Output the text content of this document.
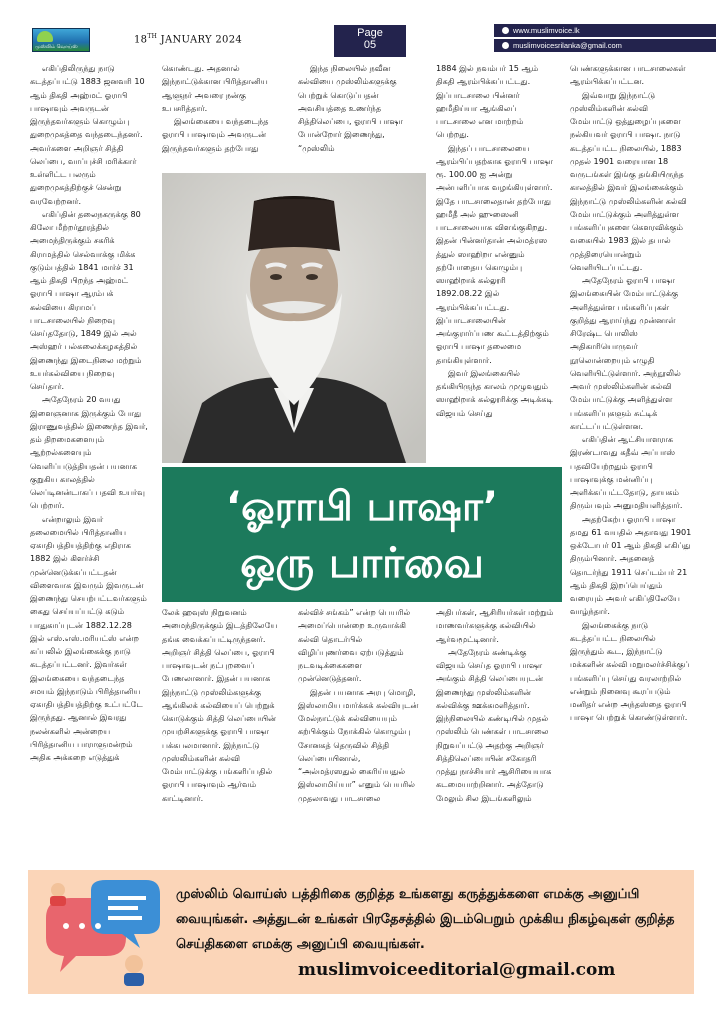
முஸ்லிம் வொய்ஸ்
18TH JANUARY 2024
Page
05
www.muslimvoice.lk
muslimvoicesrilanka@gmail.com

எகிப்திலிருந்து நாடு கடத்தப்பட்டு 1883 ஜனவரி 10 ஆம் திகதி அஹ்மட் ஓராபி பாஷாவும் அவருடன் இருந்தவர்களும் கொழும்பு துறைமுகத்தை வந்தடைந்தனர். அவர்களை அறிஞர் சித்தி லெப்பை, வாப்புச்சி மரிக்கார் உள்ளிட்ட பலரும் துறைமுகத்திற்குச் சென்று வரவேற்றனர்.

எகிப்தின் தலைநகருக்கு 80 கிலோ மீற்றர்தூரத்தில் அமைந்திருக்கும் சகரிக் கிராமத்தில் செல்வாக்கு மிக்க குடும்பத்தில் 1841 மார்ச் 31 ஆம் திகதி பிறந்த அஹ்மட் ஓராபி பாஷா ஆரம்பக் கல்வியை கிராமப் பாடசாலையில் நிறைவு செய்ததோடு, 1849 இல் அல் அஸ்ஹர் பல்கலைக்கழகத்தில் இணைந்து இடைநிலை மற்றும் உயர்கல்வியை நிறைவு செய்தார்.

அதேநேரம் 20 வயது இளைஞனாக இருக்கும் போது இராணுவத்தில் இணைந்த இவர், தம் திறமைகளையும் ஆற்றல்களையும் வெளிப்படுத்தியதன் பயனாக குறுகிய காலத்தில் லெப்டினன்டாகப் பதவி உயர்வு பெற்றார்.

என்றாலும் இவர் தலைமையில் பிரித்தானிய ஏகாதிபத்தியத்திற்கு எதிராக 1882 இல் கிளர்ச்சி முன்னெடுக்கப்பட்டதன் விளைவாக இவரும் இவருடன் இணைந்து செயற்பட்டவர்களும் கைது செய்யப்பட்டு கடும் பாதுகாப்புடன் 1882.12.28 இல் எஸ்.எஸ்.மரியட்ஸ் என்ற கப்பலில் இலங்கைக்கு நாடு கடத்தப்பட்டனர். இவர்கள் இலங்கையை வந்தடைந்த சமயம் இந்நாடும் பிரித்தானிய ஏகாதிபத்தியத்திற்கு உட்பட்டே இருந்தது. ஆனால் இவரது நலன்களில் அன்றைய பிரித்தானிய பாராளுமன்றம் அதிக அக்கறை எடுத்துக்

கொண்டது. அதனால் இந்நாட்டுக்கான பிரித்தானிய ஆளுநர் அவரை நன்கு உபசரித்தார்.

இலங்கையை வந்தடைந்த ஓராபி பாஷாவும் அவருடன் இருந்தவர்களும் தற்போது

இந்த நிலையில் நவீன கல்வியை முஸ்லிம்களுக்கு பெற்றுக் கொடுப்பதன் அவசியத்தை உணர்ந்த சித்திலெப்பை, ஓராபி பாஷா போன்றோர் இணைந்து, “முஸ்லிம்

1884 இல் நவம்பர் 15 ஆம் திகதி ஆரம்பிக்கப்பட்டது. இப்பாடசாலை பின்னர் ஹமீதிய்யா ஆங்கிலப் பாடசாலை என மாற்றம் பெற்றது.

இந்தப் பாடசாலையை ஆரம்பிப்பதற்காக ஓராபி பாஷா ரூ. 100.00 ஐ அன்று அன்பளிப்பாக வழங்கியுள்ளார். இதே பாடசாலைதான் தற்போது ஹமீதீ அல் ஹுஸைனி பாடசாலையாக விளங்குகிறது. இதன் பின்னர்தான் அல்மத்ரஸ த்துல் ஸாஹிறா என்னும் தற்போதைய கொழும்பு ஸாஹிறாக் கல்லூரி 1892.08.22 இல் ஆரம்பிக்கப்பட்டது. இப்பாடசாலையின் அங்குரார்ப்பண கூட்டத்திற்கும் ஓராபி பாஷா தலைமை தாங்கியுள்ளார்.

இவர் இலங்கையில் தங்கியிருந்த காலம் முழுவதும் ஸாஹிறாக் கல்லூரிக்கு அடிக்கடி விஜயம் செய்து

பெண்களுக்கான பாடசாலைகள் ஆரம்பிக்கப்பட்டன.

இவ்வாறு இந்நாட்டு முஸ்லிம்களின் கல்வி மேம்பாட்டு ஒத்துழைப்புகளை நல்கியவர் ஓராபி பாஷா. நாடு கடத்தப்பட்ட நிலையில், 1883 முதல் 1901 வரையான 18 வருடங்கள் இங்கு தங்கியிருந்த காலத்தில் இவர் இலங்கைக்கும் இந்நாட்டு முஸ்லிம்களின் கல்வி மேம்பாட்டுக்கும் அளித்துள்ள பங்களிப்புகளை கௌரவிக்கும் வகையில் 1983 இல் தபால் முத்திரையொன்றும் வெளியிடப்பட்டது.

அதேநேரம் ஓராபி பாஷா இலங்கையின் மேம்பாட்டுக்கு அளித்துள்ள பங்களிப்புகள் குறித்து ஆராய்ந்து முன்னாள் சிரேஷ்ட பொலிஸ் அதிகாரியொருவர் நூலொன்றையும் எழுதி வெளியிட்டுள்ளார். அந்நூலில் அவர் முஸ்லிம்களின் கல்வி மேம்பாட்டுக்கு அளித்துள்ள பங்களிப்புகளும் சுட்டிக் காட்டப்பட்டுள்ளன.

எகிப்தின் ஆட்சியாளராக இரண்டாவது கதீவ் அப்பாஸ் பதவியேற்றதும் ஓராபி பாஷாவுக்கு மன்னிப்பு அளிக்கப்பட்டதோடு, தாயகம் திரும்பவும் அனுமதியளித்தார்.

அதற்கேற்ப ஓராபி பாஷா தமது 61 வயதில் அதாவது 1901 ஒக்டோபர் 01 ஆம் திகதி எகிப்து திரும்பினார். அதனைத் தொடர்ந்து 1911 செப்டம்பர் 21 ஆம் திகதி இறப்பெய்தும் வரையும் அவர் எகிப்திலேயே வாழ்ந்தார்.

இலங்கைக்கு நாடு கடத்தப்பட்ட நிலையில் இருந்தும் கூட, இந்நாட்டு மக்களின் கல்வி மறுமலர்ச்சிக்குப் பங்களிப்பு செய்து வரலாற்றில் என்றும் நினைவு கூரப்படும் மனிதர் என்ற அந்தஸ்தை ஓராபி பாஷா பெற்றுக் கொண்டுள்ளார்.

‘ஓராபி பாஷா’
ஒரு பார்வை

லேக் ஹவுஸ் நிறுவனம் அமைந்திருக்கும் இடத்திலேயே தங்க வைக்கப்பட்டிருந்தனர். அறிஞர் சித்தி லெப்பை, ஓராபி பாஷாவுடன் நட்புறவைப் பேணலானார். இதன் பயனாக இந்நாட்டு முஸ்லிம்களுக்கு ஆங்கிலக் கல்வியைப் பெற்றுக் கொடுக்கும் சித்தி லெப்பையின் முயற்சிகளுக்கு ஓராபி பாஷா பக்கபலமானார். இந்நாட்டு முஸ்லிம்களின் கல்வி மேம்பாட்டுக்கு பங்களிப்பதில் ஓராபி பாஷாவும் ஆர்வம் காட்டினார்.

கல்விச் சங்கம்” என்ற பெயரில் அமைப்பொன்றை உருவாக்கி கல்வி தொடர்பில் விழிப்புணர்வை ஏற்படுத்தும் நடவடிக்கைகளை முன்னெடுத்தனர்.

இதன் பயனாக அரபு மொழி, இஸ்லாமிய மார்க்கக் கல்வியுடன் மேல்நாட்டுக் கல்வியையும் கற்பிக்கும் நோக்கில் கொழும்பு சோனகத் தெருவில் சித்தி லெப்பையினால், “அல்மத்ரஸதுல் கைரிய்யதுல் இஸ்லாமிய்யா” எனும் பெயரில் முதலாவது பாடசாலை

அதிபர்கள், ஆசிரியர்கள் மற்றும் மாணவர்களுக்கு கல்வியில் ஆர்வமூட்டினார்.

அதேநேரம் கண்டிக்கு விஜயம் செய்த ஓராபி பாஷா அங்கும் சித்தி லெப்பையுடன் இணைந்து முஸ்லிம்களின் கல்விக்கு ஊக்கமளித்தார். இந்நிலையில் கண்டியில் முதல் முஸ்லிம் பெண்கள் பாடசாலை நிறுவப்பட்டு அதற்கு அறிஞர் சித்திலெப்பையின் சகோதரி முத்து நாச்சியார் ஆசிரியையாக கடமையாற்றினார். அத்தோடு மேலும் சில இடங்களிலும்

முஸ்லிம் வொய்ஸ் பத்திரிகை குறித்த உங்களது கருத்துக்களை எமக்கு அனுப்பி வையுங்கள். அத்துடன் உங்கள் பிரதேசத்தில் இடம்பெறும் முக்கிய நிகழ்வுகள் குறித்த செய்திகளை எமக்கு அனுப்பி வையுங்கள்.
muslimvoiceeditorial@gmail.com
